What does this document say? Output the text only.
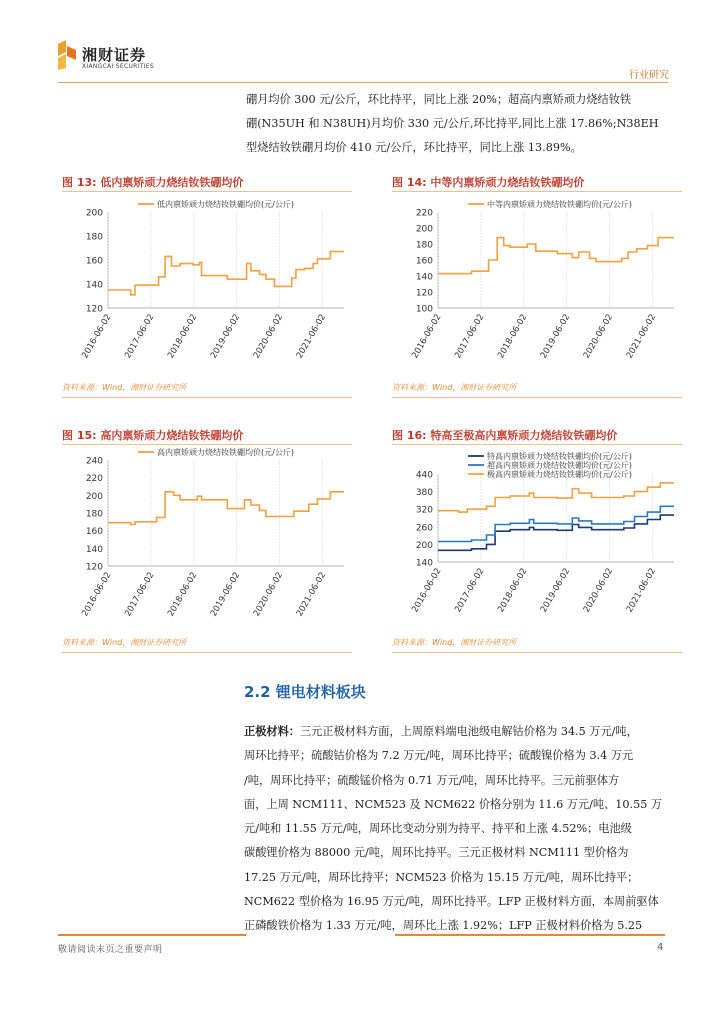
湘财证券
XIANGCAI SECURITIES
行业研究
硼月均价 300 元/公斤，环比持平，同比上涨 20%；超高内禀矫顽力烧结钕铁
硼(N35UH 和 N38UH)月均价 330 元/公斤,环比持平,同比上涨 17.86%;N38EH
型烧结钕铁硼月均价 410 元/公斤，环比持平，同比上涨 13.89%。
图 13: 低内禀矫顽力烧结钕铁硼均价
120
140
160
180
200
2016-06-02 2017-06-02 2018-06-02 2019-06-02 2020-06-02 2021-06-02
低内禀矫顽力烧结钕铁硼均价(元/公斤)
资料来源：Wind，湘财证券研究所
图 14: 中等内禀矫顽力烧结钕铁硼均价
100
120
140
160
180
200
220
2016-06-02 2017-06-02 2018-06-02 2019-06-02 2020-06-02 2021-06-02
中等内禀矫顽力烧结钕铁硼均价(元/公斤)
资料来源：Wind，湘财证券研究所
图 15: 高内禀矫顽力烧结钕铁硼均价
120
140
160
180
200
220
240
2016-06-02 2017-06-02 2018-06-02 2019-06-02 2020-06-02 2021-06-02
高内禀矫顽力烧结钕铁硼均价(元/公斤)
资料来源：Wind，湘财证券研究所
图 16: 特高至极高内禀矫顽力烧结钕铁硼均价
140
200
260
320
380
440
2016-06-02 2017-06-02 2018-06-02 2019-06-02 2020-06-02 2021-06-02
特高内禀矫顽力烧结钕铁硼均价(元/公斤)
超高内禀矫顽力烧结钕铁硼均价(元/公斤)
极高内禀矫顽力烧结钕铁硼均价(元/公斤)
资料来源：Wind，湘财证券研究所
2.2 锂电材料板块
正极材料：三元正极材料方面，上周原料端电池级电解钴价格为 34.5 万元/吨，
周环比持平；硫酸钴价格为 7.2 万元/吨，周环比持平；硫酸镍价格为 3.4 万元
/吨，周环比持平；硫酸锰价格为 0.71 万元/吨，周环比持平。三元前驱体方
面，上周 NCM111、NCM523 及 NCM622 价格分别为 11.6 万元/吨、10.55 万
元/吨和 11.55 万元/吨，周环比变动分别为持平、持平和上涨 4.52%；电池级
碳酸锂价格为 88000 元/吨，周环比持平。三元正极材料 NCM111 型价格为
17.25 万元/吨，周环比持平；NCM523 价格为 15.15 万元/吨，周环比持平；
NCM622 型价格为 16.95 万元/吨，周环比持平。LFP 正极材料方面，本周前驱体
正磷酸铁价格为 1.33 万元/吨，周环比上涨 1.92%；LFP 正极材料价格为 5.25
敬请阅读末页之重要声明	4
